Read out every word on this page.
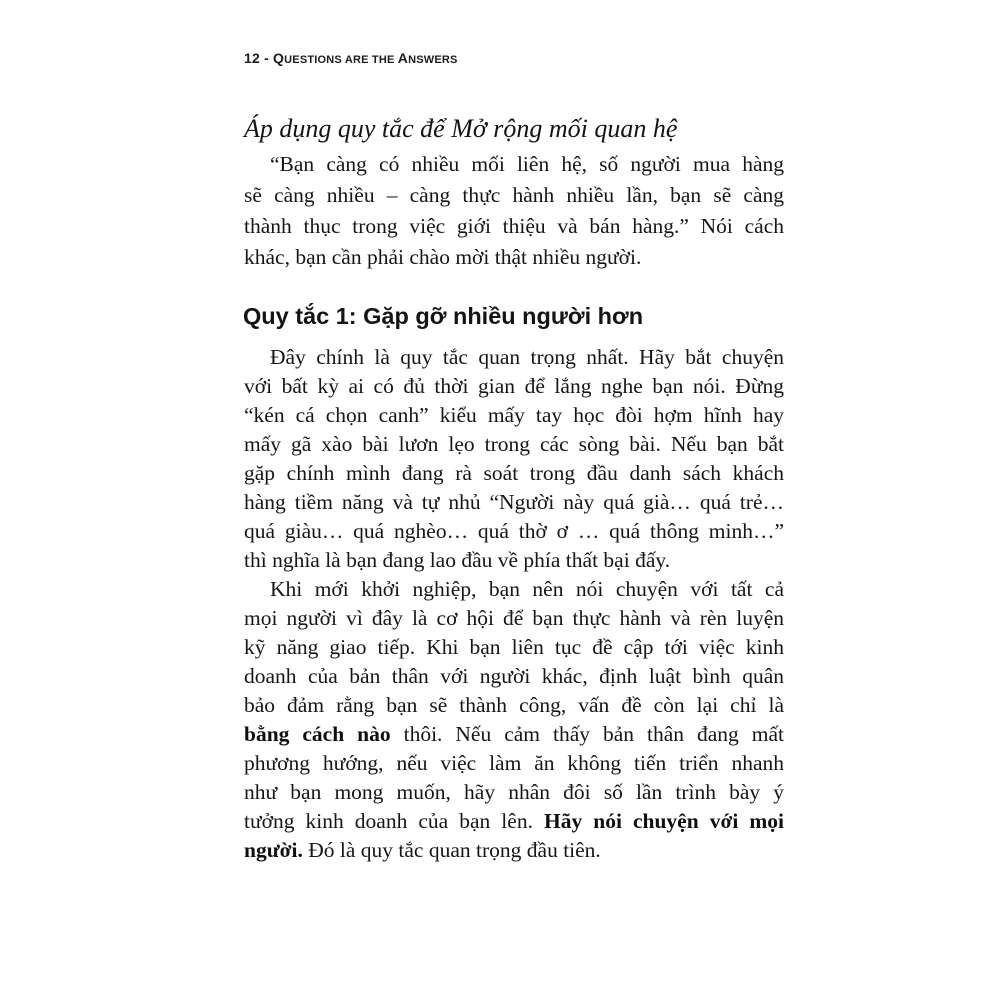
12 - QUESTIONS ARE THE ANSWERS
Áp dụng quy tắc để Mở rộng mối quan hệ
“Bạn càng có nhiều mối liên hệ, số người mua hàng
sẽ càng nhiều – càng thực hành nhiều lần, bạn sẽ càng
thành thục trong việc giới thiệu và bán hàng.” Nói cách
khác, bạn cần phải chào mời thật nhiều người.
Quy tắc 1: Gặp gỡ nhiều người hơn
Đây chính là quy tắc quan trọng nhất. Hãy bắt chuyện
với bất kỳ ai có đủ thời gian để lắng nghe bạn nói. Đừng
“kén cá chọn canh” kiểu mấy tay học đòi hợm hĩnh hay
mấy gã xào bài lươn lẹo trong các sòng bài. Nếu bạn bắt
gặp chính mình đang rà soát trong đầu danh sách khách
hàng tiềm năng và tự nhủ “Người này quá già… quá trẻ…
quá giàu… quá nghèo… quá thờ ơ … quá thông minh…”
thì nghĩa là bạn đang lao đầu về phía thất bại đấy.
Khi mới khởi nghiệp, bạn nên nói chuyện với tất cả
mọi người vì đây là cơ hội để bạn thực hành và rèn luyện
kỹ năng giao tiếp. Khi bạn liên tục đề cập tới việc kinh
doanh của bản thân với người khác, định luật bình quân
bảo đảm rằng bạn sẽ thành công, vấn đề còn lại chỉ là
bằng cách nào thôi. Nếu cảm thấy bản thân đang mất
phương hướng, nếu việc làm ăn không tiến triển nhanh
như bạn mong muốn, hãy nhân đôi số lần trình bày ý
tưởng kinh doanh của bạn lên. Hãy nói chuyện với mọi
người. Đó là quy tắc quan trọng đầu tiên.
